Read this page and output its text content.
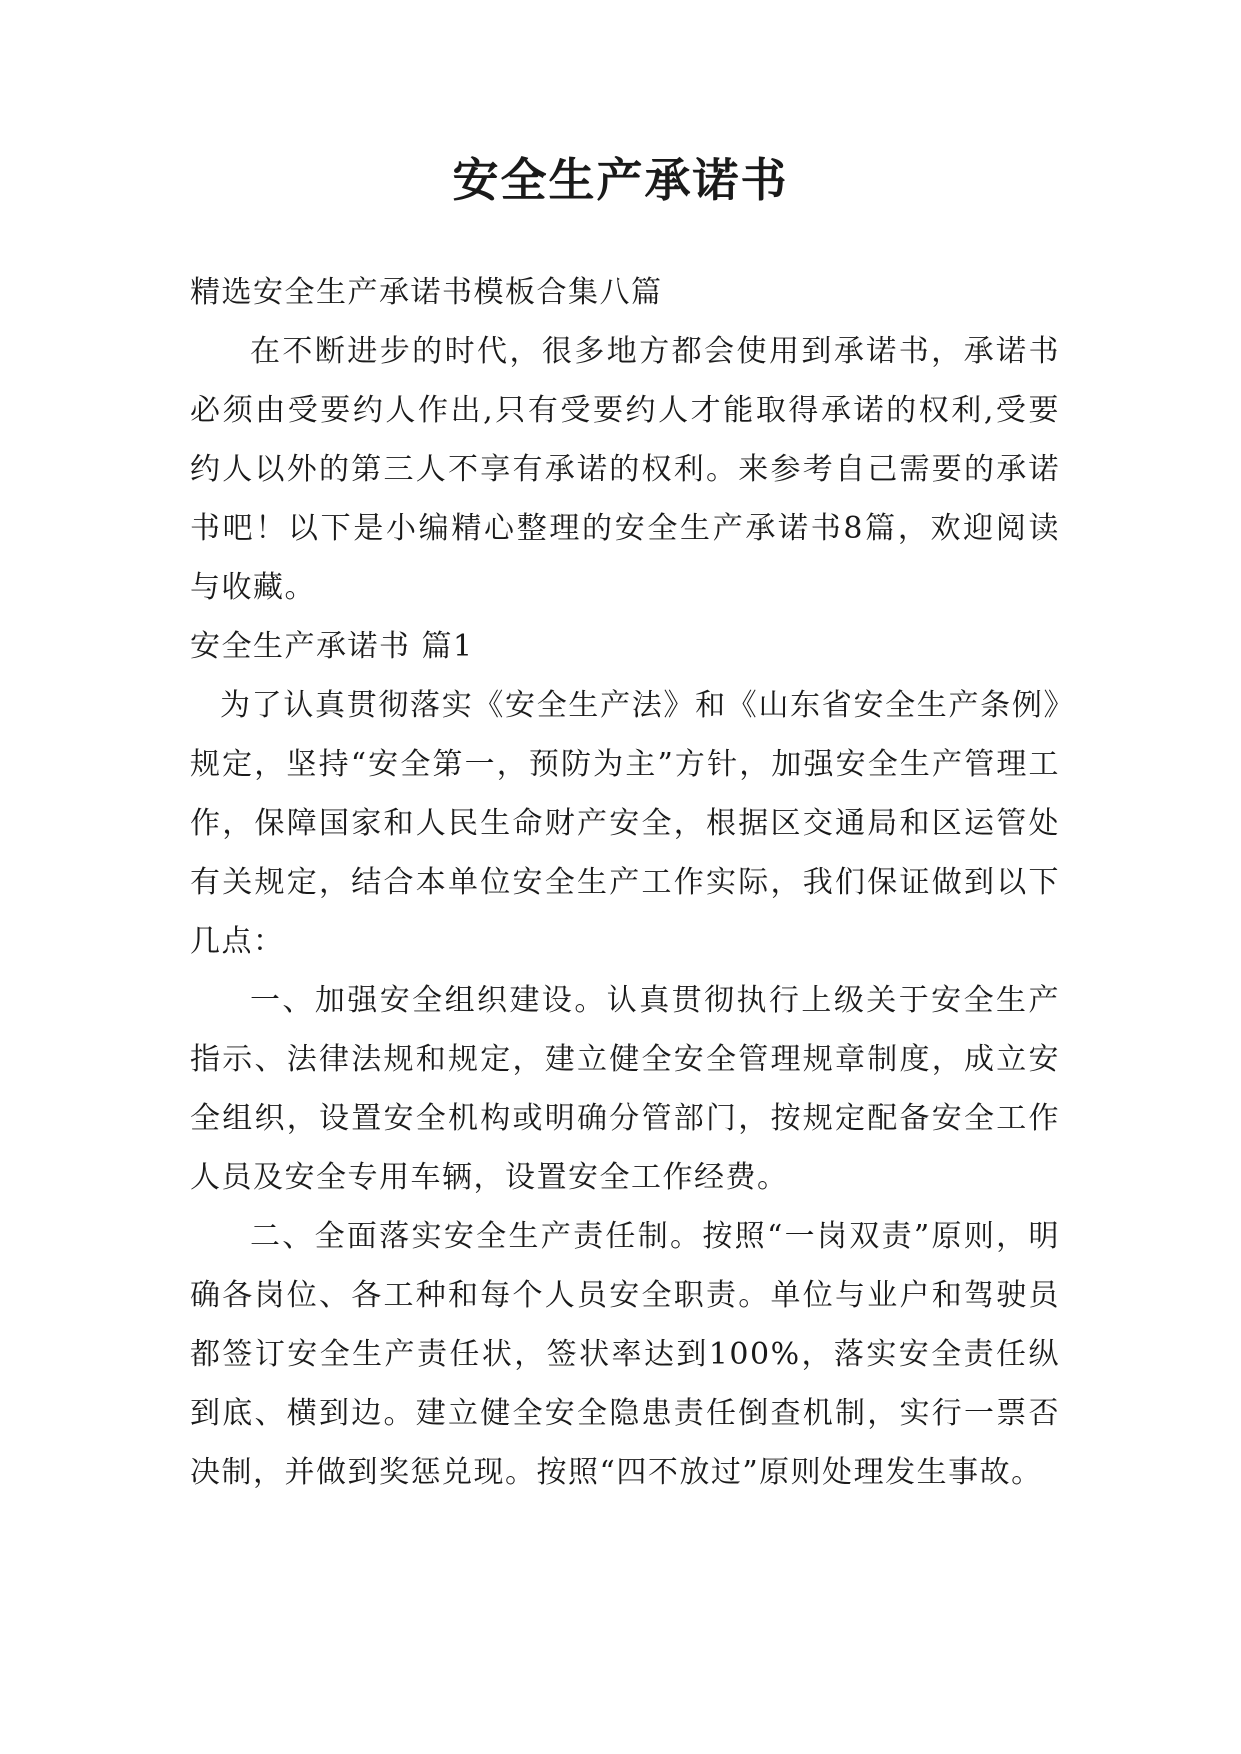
安全生产承诺书

精选安全生产承诺书模板合集八篇

在不断进步的时代，很多地方都会使用到承诺书，承诺书必须由受要约人作出,只有受要约人才能取得承诺的权利,受要约人以外的第三人不享有承诺的权利。来参考自己需要的承诺书吧！以下是小编精心整理的安全生产承诺书8篇，欢迎阅读与收藏。

安全生产承诺书 篇1

为了认真贯彻落实《安全生产法》和《山东省安全生产条例》规定，坚持“安全第一，预防为主”方针，加强安全生产管理工作，保障国家和人民生命财产安全，根据区交通局和区运管处有关规定，结合本单位安全生产工作实际，我们保证做到以下几点：

一、加强安全组织建设。认真贯彻执行上级关于安全生产指示、法律法规和规定，建立健全安全管理规章制度，成立安全组织，设置安全机构或明确分管部门，按规定配备安全工作人员及安全专用车辆，设置安全工作经费。

二、全面落实安全生产责任制。按照“一岗双责”原则，明确各岗位、各工种和每个人员安全职责。单位与业户和驾驶员都签订安全生产责任状，签状率达到100%，落实安全责任纵到底、横到边。建立健全安全隐患责任倒查机制，实行一票否决制，并做到奖惩兑现。按照“四不放过”原则处理发生事故。
